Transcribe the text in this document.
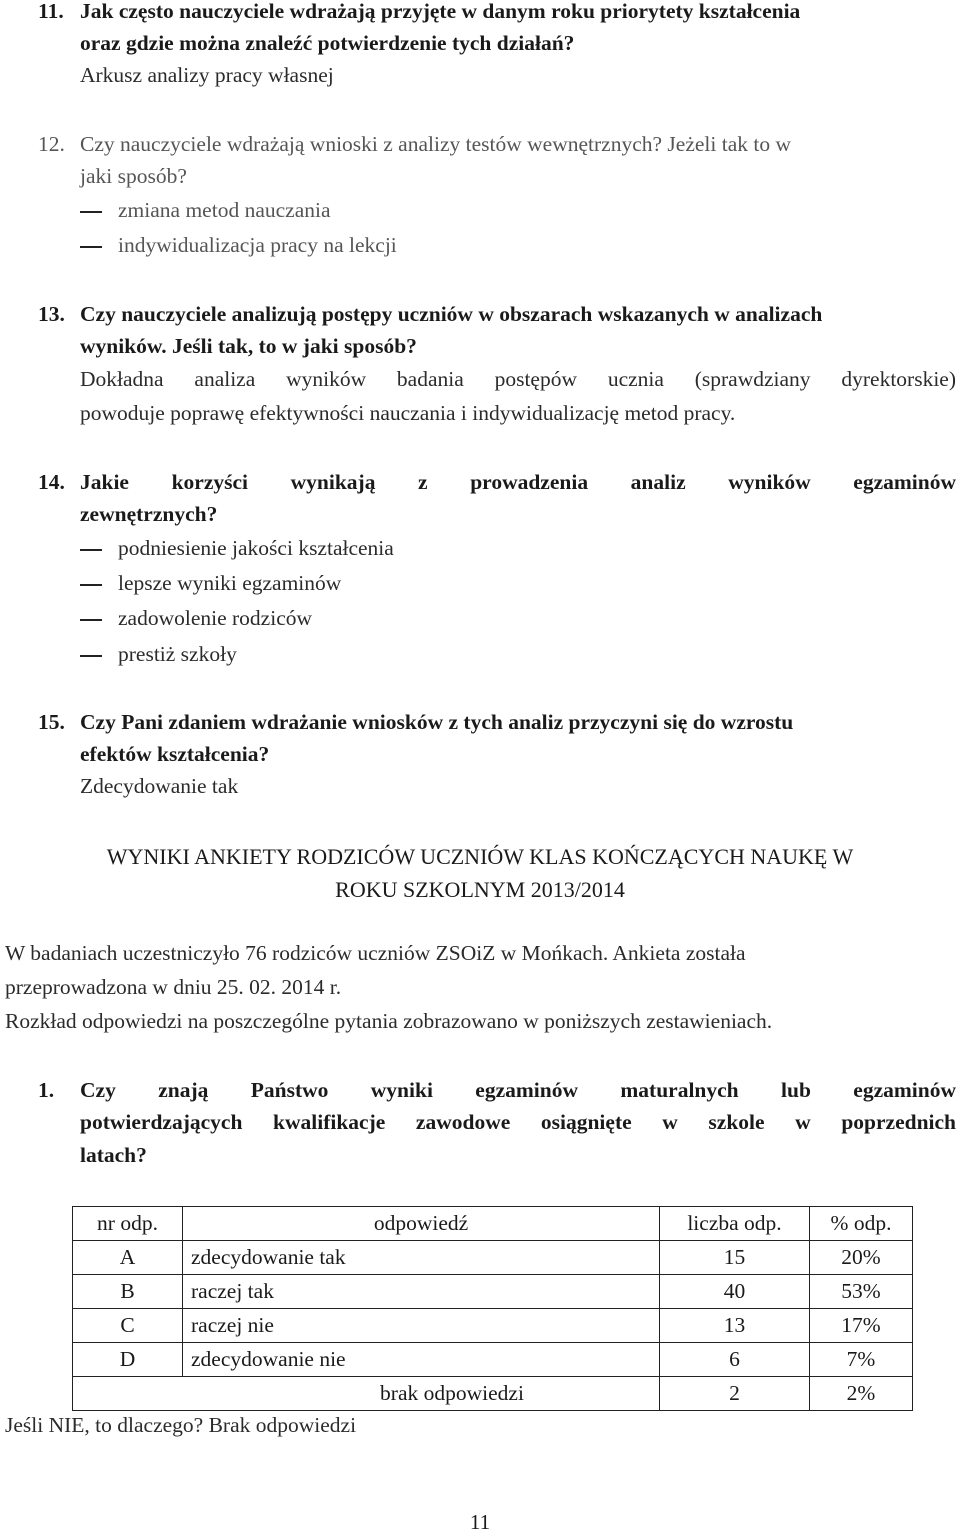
11. Jak często nauczyciele wdrażają przyjęte w danym roku priorytety kształcenia
oraz gdzie można znaleźć potwierdzenie tych działań?
Arkusz analizy pracy własnej
12. Czy nauczyciele wdrażają wnioski z analizy testów wewnętrznych? Jeżeli tak to w
jaki sposób?
zmiana metod nauczania
indywidualizacja pracy na lekcji
13. Czy nauczyciele analizują postępy uczniów w obszarach wskazanych w analizach
wyników. Jeśli tak, to w jaki sposób?
Dokładna analiza wyników badania postępów ucznia (sprawdziany dyrektorskie)
powoduje poprawę efektywności nauczania i indywidualizację metod pracy.
14. Jakie korzyści wynikają z prowadzenia analiz wyników egzaminów
zewnętrznych?
podniesienie jakości kształcenia
lepsze wyniki egzaminów
zadowolenie rodziców
prestiż szkoły
15. Czy Pani zdaniem wdrażanie wniosków z tych analiz przyczyni się do wzrostu
efektów kształcenia?
Zdecydowanie tak
WYNIKI ANKIETY RODZICÓW UCZNIÓW KLAS KOŃCZĄCYCH NAUKĘ W
ROKU SZKOLNYM 2013/2014
W badaniach uczestniczyło 76 rodziców uczniów ZSOiZ w Mońkach. Ankieta została
przeprowadzona w dniu 25. 02. 2014 r.
Rozkład odpowiedzi na poszczególne pytania zobrazowano w poniższych zestawieniach.
1. Czy znają Państwo wyniki egzaminów maturalnych lub egzaminów
potwierdzających kwalifikacje zawodowe osiągnięte w szkole w poprzednich
latach?
nr odp.	odpowiedź	liczba odp.	% odp.
A	zdecydowanie tak	15	20%
B	raczej tak	40	53%
C	raczej nie	13	17%
D	zdecydowanie nie	6	7%
brak odpowiedzi		2	2%
Jeśli NIE, to dlaczego? Brak odpowiedzi
11
